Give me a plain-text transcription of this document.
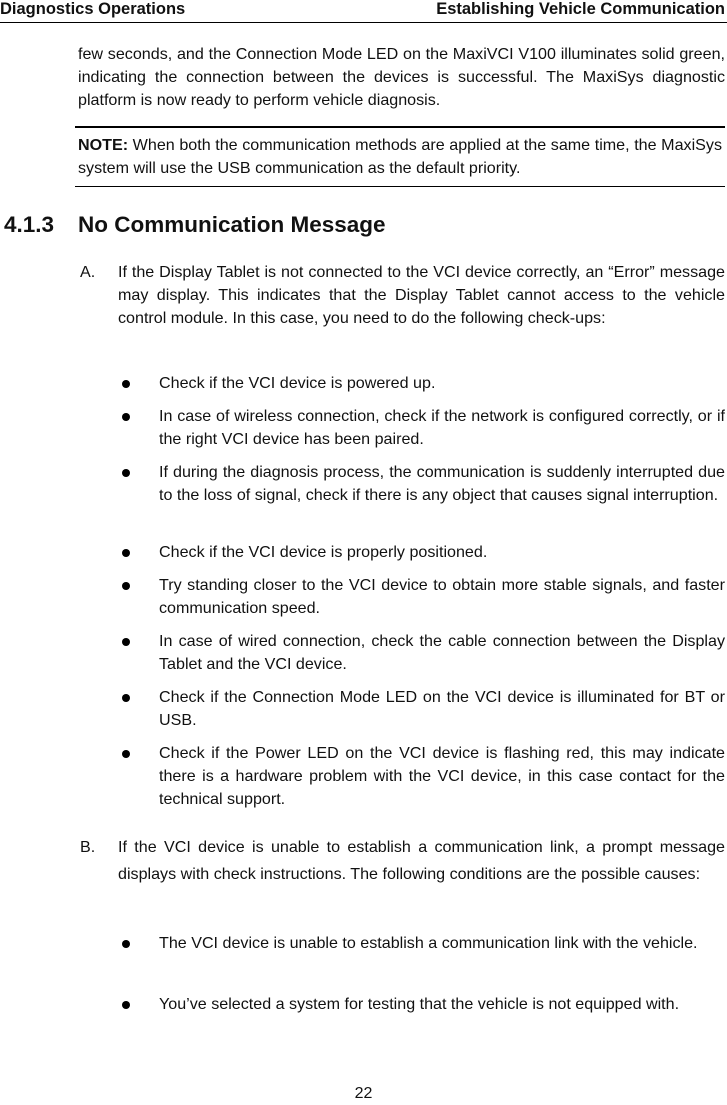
Diagnostics Operations	Establishing Vehicle Communication

few seconds, and the Connection Mode LED on the MaxiVCI V100 illuminates solid green, indicating the connection between the devices is successful. The MaxiSys diagnostic platform is now ready to perform vehicle diagnosis.

NOTE: When both the communication methods are applied at the same time, the MaxiSys system will use the USB communication as the default priority.
4.1.3 No Communication Message
A. If the Display Tablet is not connected to the VCI device correctly, an “Error” message may display. This indicates that the Display Tablet cannot access to the vehicle control module. In this case, you need to do the following check-ups:
Check if the VCI device is powered up.
In case of wireless connection, check if the network is configured correctly, or if the right VCI device has been paired.
If during the diagnosis process, the communication is suddenly interrupted due to the loss of signal, check if there is any object that causes signal interruption.
Check if the VCI device is properly positioned.
Try standing closer to the VCI device to obtain more stable signals, and faster communication speed.
In case of wired connection, check the cable connection between the Display Tablet and the VCI device.
Check if the Connection Mode LED on the VCI device is illuminated for BT or USB.
Check if the Power LED on the VCI device is flashing red, this may indicate there is a hardware problem with the VCI device, in this case contact for the technical support.
B. If the VCI device is unable to establish a communication link, a prompt message displays with check instructions. The following conditions are the possible causes:
The VCI device is unable to establish a communication link with the vehicle.
You’ve selected a system for testing that the vehicle is not equipped with.
22
